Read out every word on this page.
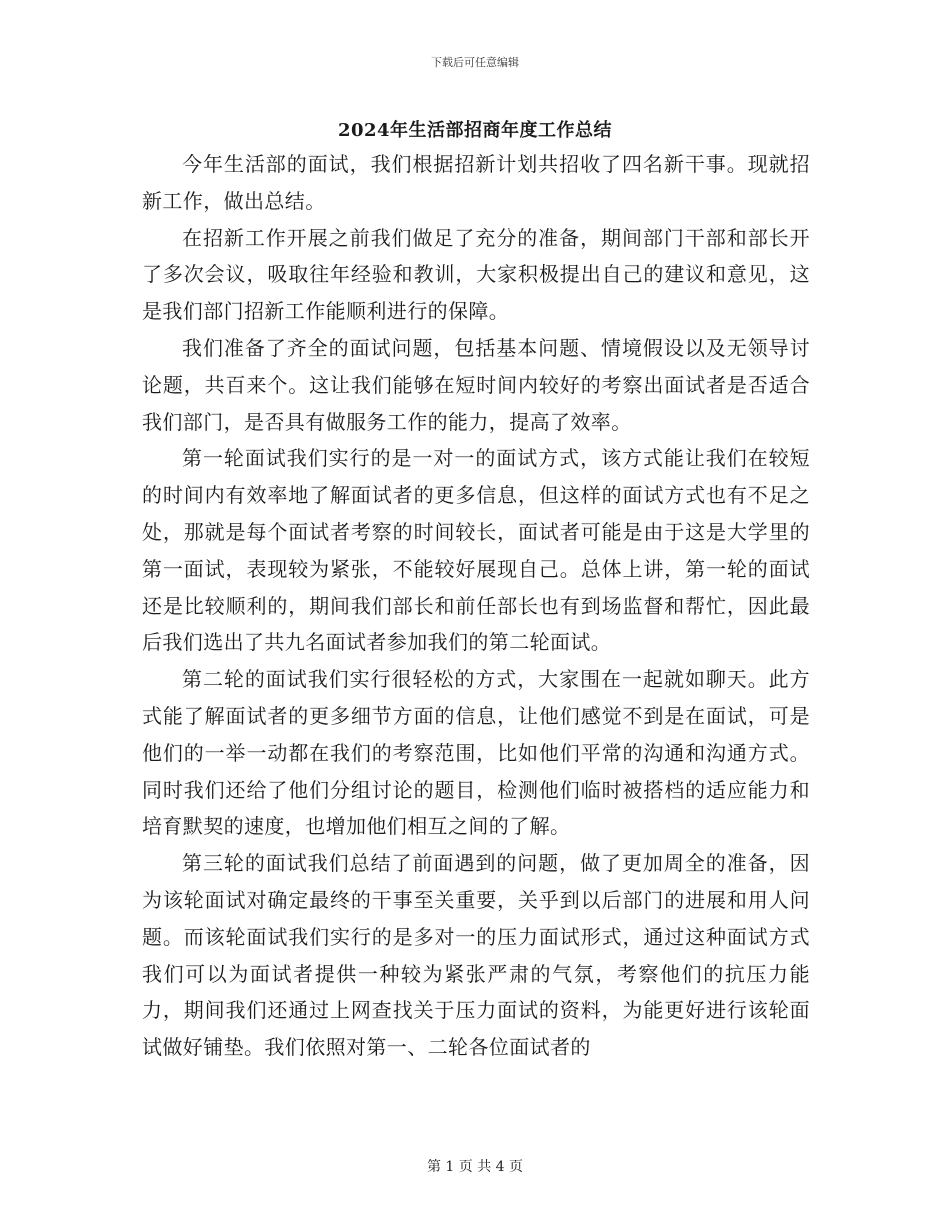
下载后可任意编辑
2024年生活部招商年度工作总结

今年生活部的面试，我们根据招新计划共招收了四名新干事。现就招新工作，做出总结。

在招新工作开展之前我们做足了充分的准备，期间部门干部和部长开了多次会议，吸取往年经验和教训，大家积极提出自己的建议和意见，这是我们部门招新工作能顺利进行的保障。

我们准备了齐全的面试问题，包括基本问题、情境假设以及无领导讨论题，共百来个。这让我们能够在短时间内较好的考察出面试者是否适合我们部门，是否具有做服务工作的能力，提高了效率。

第一轮面试我们实行的是一对一的面试方式，该方式能让我们在较短的时间内有效率地了解面试者的更多信息，但这样的面试方式也有不足之处，那就是每个面试者考察的时间较长，面试者可能是由于这是大学里的第一面试，表现较为紧张，不能较好展现自己。总体上讲，第一轮的面试还是比较顺利的，期间我们部长和前任部长也有到场监督和帮忙，因此最后我们选出了共九名面试者参加我们的第二轮面试。

第二轮的面试我们实行很轻松的方式，大家围在一起就如聊天。此方式能了解面试者的更多细节方面的信息，让他们感觉不到是在面试，可是他们的一举一动都在我们的考察范围，比如他们平常的沟通和沟通方式。同时我们还给了他们分组讨论的题目，检测他们临时被搭档的适应能力和培育默契的速度，也增加他们相互之间的了解。

第三轮的面试我们总结了前面遇到的问题，做了更加周全的准备，因为该轮面试对确定最终的干事至关重要，关乎到以后部门的进展和用人问题。而该轮面试我们实行的是多对一的压力面试形式，通过这种面试方式我们可以为面试者提供一种较为紧张严肃的气氛，考察他们的抗压力能力，期间我们还通过上网查找关于压力面试的资料，为能更好进行该轮面试做好铺垫。我们依照对第一、二轮各位面试者的

第 1 页 共 4 页
